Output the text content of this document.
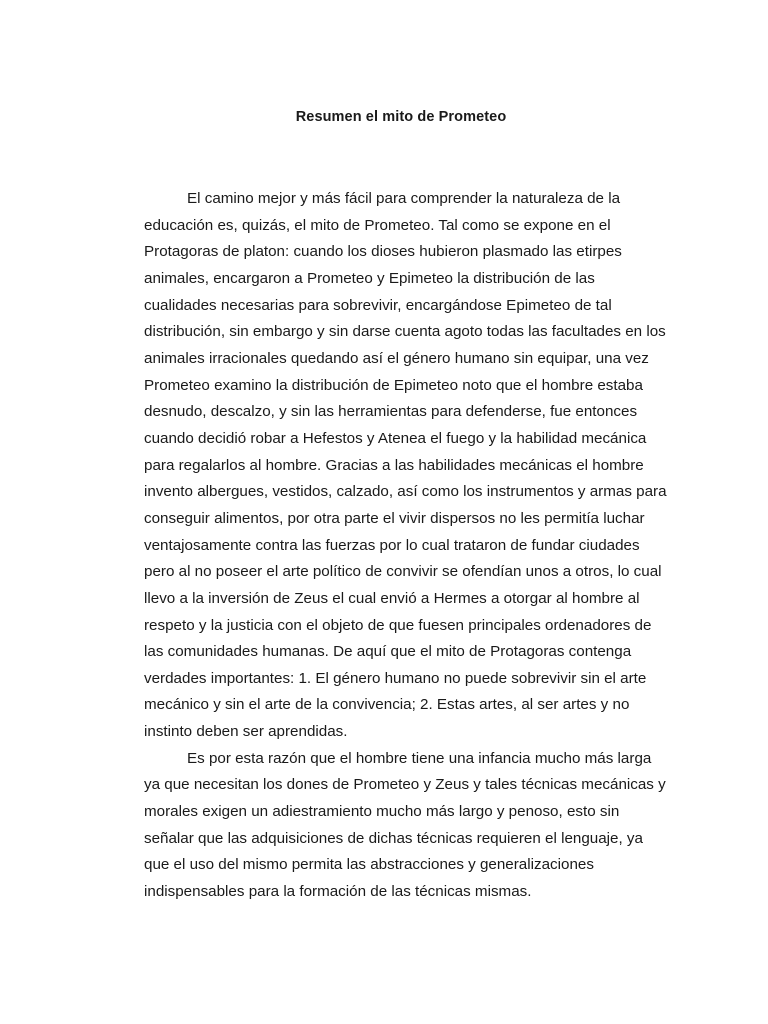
Resumen el mito de Prometeo
El camino mejor y más fácil para comprender la naturaleza de la
educación es, quizás, el mito de Prometeo. Tal como se expone en el
Protagoras de platon: cuando los dioses hubieron plasmado las etirpes
animales, encargaron a Prometeo y Epimeteo la distribución de las
cualidades necesarias para sobrevivir, encargándose Epimeteo de tal
distribución, sin embargo y sin darse cuenta agoto todas las facultades en los
animales irracionales quedando así el género humano sin equipar, una vez
Prometeo examino la distribución de Epimeteo noto que el hombre estaba
desnudo, descalzo, y sin las herramientas para defenderse, fue entonces
cuando decidió robar a Hefestos y Atenea el fuego y la habilidad mecánica
para regalarlos al hombre. Gracias a las habilidades mecánicas el hombre
invento albergues, vestidos, calzado, así como los instrumentos y armas para
conseguir alimentos, por otra parte el vivir dispersos no les permitía luchar
ventajosamente contra las fuerzas por lo cual trataron de fundar ciudades
pero al no poseer el arte político de convivir se ofendían unos a otros, lo cual
llevo a la inversión de Zeus el cual envió a Hermes a otorgar al hombre al
respeto y la justicia con el objeto de que fuesen principales ordenadores de
las comunidades humanas. De aquí que el mito de Protagoras contenga
verdades importantes: 1. El género humano no puede sobrevivir sin el arte
mecánico y sin el arte de la convivencia; 2. Estas artes, al ser artes y no
instinto deben ser aprendidas.
Es por esta razón que el hombre tiene una infancia mucho más larga
ya que necesitan los dones de Prometeo y Zeus y tales técnicas mecánicas y
morales exigen un adiestramiento mucho más largo y penoso, esto sin
señalar que las adquisiciones de dichas técnicas requieren el lenguaje, ya
que el uso del mismo permita las abstracciones y generalizaciones
indispensables para la formación de las técnicas mismas.
